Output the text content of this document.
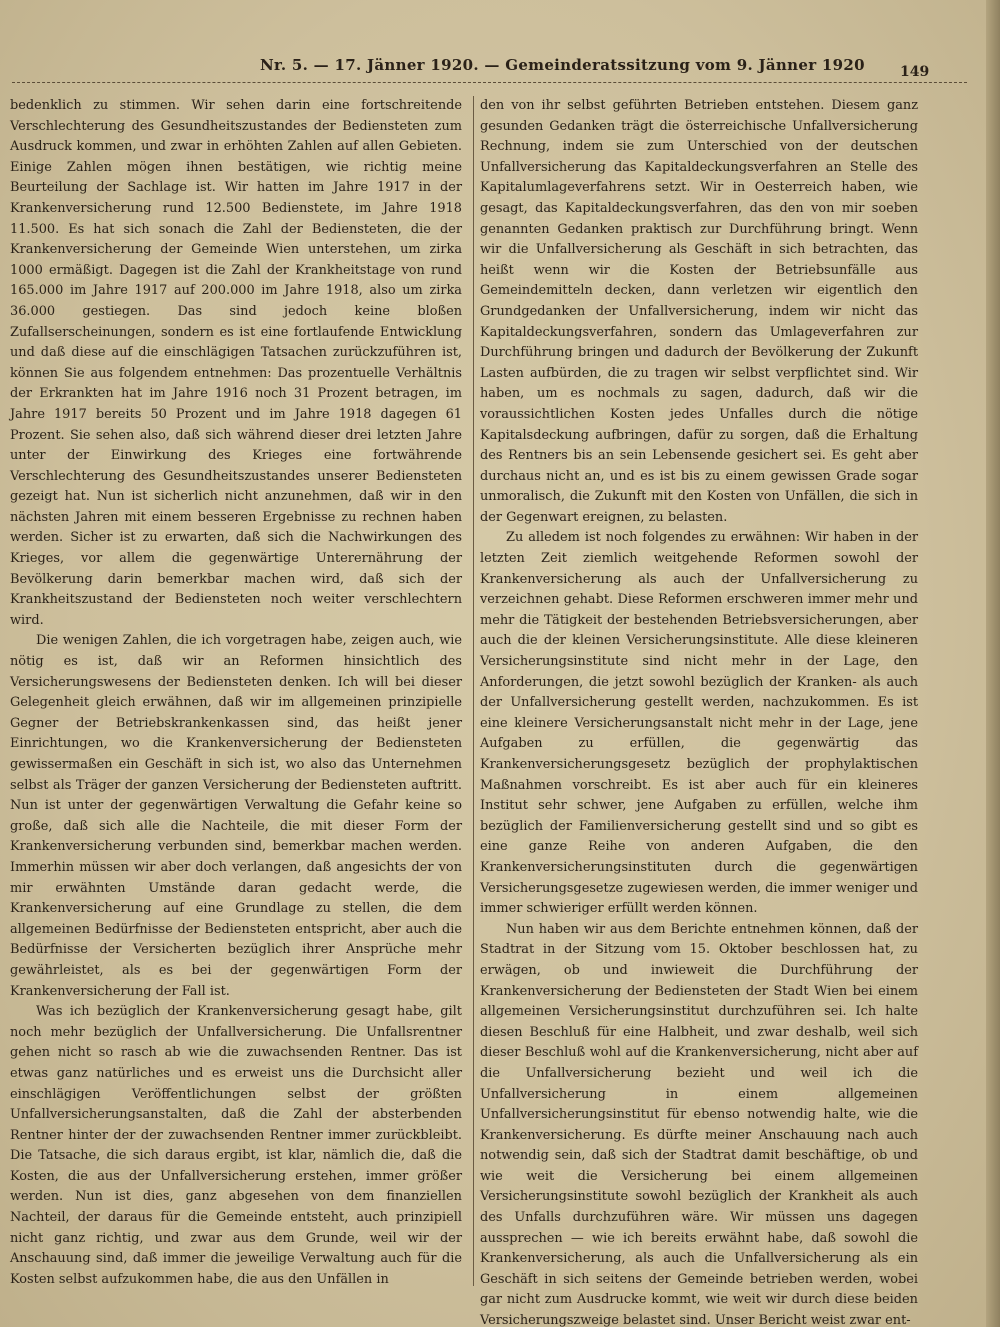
Nr. 5. — 17. Jänner 1920. — Gemeinderatssitzung vom 9. Jänner 1920	149

bedenklich zu stimmen. Wir sehen darin eine fortschreitende Verschlechterung des Gesundheitszustandes der Bediensteten zum Ausdruck kommen, und zwar in erhöhten Zahlen auf allen Gebieten. Einige Zahlen mögen ihnen bestätigen, wie richtig meine Beurteilung der Sachlage ist. Wir hatten im Jahre 1917 in der Krankenversicherung rund 12.500 Bedienstete, im Jahre 1918 11.500. Es hat sich sonach die Zahl der Bediensteten, die der Krankenversicherung der Gemeinde Wien unterstehen, um zirka 1000 ermäßigt. Dagegen ist die Zahl der Krankheitstage von rund 165.000 im Jahre 1917 auf 200.000 im Jahre 1918, also um zirka 36.000 gestiegen. Das sind jedoch keine bloßen Zufallserscheinungen, sondern es ist eine fortlaufende Entwicklung und daß diese auf die einschlägigen Tatsachen zurückzuführen ist, können Sie aus folgendem entnehmen: Das prozentuelle Verhältnis der Erkrankten hat im Jahre 1916 noch 31 Prozent betragen, im Jahre 1917 bereits 50 Prozent und im Jahre 1918 dagegen 61 Prozent. Sie sehen also, daß sich während dieser drei letzten Jahre unter der Einwirkung des Krieges eine fortwährende Verschlechterung des Gesundheitszustandes unserer Bediensteten gezeigt hat. Nun ist sicherlich nicht anzunehmen, daß wir in den nächsten Jahren mit einem besseren Ergebnisse zu rechnen haben werden. Sicher ist zu erwarten, daß sich die Nachwirkungen des Krieges, vor allem die gegenwärtige Unterernährung der Bevölkerung darin bemerkbar machen wird, daß sich der Krankheitszustand der Bediensteten noch weiter verschlechtern wird.

Die wenigen Zahlen, die ich vorgetragen habe, zeigen auch, wie nötig es ist, daß wir an Reformen hinsichtlich des Versicherungswesens der Bediensteten denken. Ich will bei dieser Gelegenheit gleich erwähnen, daß wir im allgemeinen prinzipielle Gegner der Betriebskrankenkassen sind, das heißt jener Einrichtungen, wo die Krankenversicherung der Bediensteten gewissermaßen ein Geschäft in sich ist, wo also das Unternehmen selbst als Träger der ganzen Versicherung der Bediensteten auftritt. Nun ist unter der gegenwärtigen Verwaltung die Gefahr keine so große, daß sich alle die Nachteile, die mit dieser Form der Krankenversicherung verbunden sind, bemerkbar machen werden. Immerhin müssen wir aber doch verlangen, daß angesichts der von mir erwähnten Umstände daran gedacht werde, die Krankenversicherung auf eine Grundlage zu stellen, die dem allgemeinen Bedürfnisse der Bediensteten entspricht, aber auch die Bedürfnisse der Versicherten bezüglich ihrer Ansprüche mehr gewährleistet, als es bei der gegenwärtigen Form der Krankenversicherung der Fall ist.

Was ich bezüglich der Krankenversicherung gesagt habe, gilt noch mehr bezüglich der Unfallversicherung. Die Unfallsrentner gehen nicht so rasch ab wie die zuwachsenden Rentner. Das ist etwas ganz natürliches und es erweist uns die Durchsicht aller einschlägigen Veröffentlichungen selbst der größten Unfallversicherungsanstalten, daß die Zahl der absterbenden Rentner hinter der der zuwachsenden Rentner immer zurückbleibt. Die Tatsache, die sich daraus ergibt, ist klar, nämlich die, daß die Kosten, die aus der Unfallversicherung erstehen, immer größer werden. Nun ist dies, ganz abgesehen von dem finanziellen Nachteil, der daraus für die Gemeinde entsteht, auch prinzipiell nicht ganz richtig, und zwar aus dem Grunde, weil wir der Anschauung sind, daß immer die jeweilige Verwaltung auch für die Kosten selbst aufzukommen habe, die aus den Unfällen in

den von ihr selbst geführten Betrieben entstehen. Diesem ganz gesunden Gedanken trägt die österreichische Unfallversicherung Rechnung, indem sie zum Unterschied von der deutschen Unfallversicherung das Kapitaldeckungsverfahren an Stelle des Kapitalumlageverfahrens setzt. Wir in Oesterreich haben, wie gesagt, das Kapitaldeckungsverfahren, das den von mir soeben genannten Gedanken praktisch zur Durchführung bringt. Wenn wir die Unfallversicherung als Geschäft in sich betrachten, das heißt wenn wir die Kosten der Betriebsunfälle aus Gemeindemitteln decken, dann verletzen wir eigentlich den Grundgedanken der Unfallversicherung, indem wir nicht das Kapitaldeckungsverfahren, sondern das Umlageverfahren zur Durchführung bringen und dadurch der Bevölkerung der Zukunft Lasten aufbürden, die zu tragen wir selbst verpflichtet sind. Wir haben, um es nochmals zu sagen, dadurch, daß wir die voraussichtlichen Kosten jedes Unfalles durch die nötige Kapitalsdeckung aufbringen, dafür zu sorgen, daß die Erhaltung des Rentners bis an sein Lebensende gesichert sei. Es geht aber durchaus nicht an, und es ist bis zu einem gewissen Grade sogar unmoralisch, die Zukunft mit den Kosten von Unfällen, die sich in der Gegenwart ereignen, zu belasten.

Zu alledem ist noch folgendes zu erwähnen: Wir haben in der letzten Zeit ziemlich weitgehende Reformen sowohl der Krankenversicherung als auch der Unfallversicherung zu verzeichnen gehabt. Diese Reformen erschweren immer mehr und mehr die Tätigkeit der bestehenden Betriebsversicherungen, aber auch die der kleinen Versicherungsinstitute. Alle diese kleineren Versicherungsinstitute sind nicht mehr in der Lage, den Anforderungen, die jetzt sowohl bezüglich der Kranken- als auch der Unfallversicherung gestellt werden, nachzukommen. Es ist eine kleinere Versicherungsanstalt nicht mehr in der Lage, jene Aufgaben zu erfüllen, die gegenwärtig das Krankenversicherungsgesetz bezüglich der prophylaktischen Maßnahmen vorschreibt. Es ist aber auch für ein kleineres Institut sehr schwer, jene Aufgaben zu erfüllen, welche ihm bezüglich der Familienversicherung gestellt sind und so gibt es eine ganze Reihe von anderen Aufgaben, die den Krankenversicherungsinstituten durch die gegenwärtigen Versicherungsgesetze zugewiesen werden, die immer weniger und immer schwieriger erfüllt werden können.

Nun haben wir aus dem Berichte entnehmen können, daß der Stadtrat in der Sitzung vom 15. Oktober beschlossen hat, zu erwägen, ob und inwieweit die Durchführung der Krankenversicherung der Bediensteten der Stadt Wien bei einem allgemeinen Versicherungsinstitut durchzuführen sei. Ich halte diesen Beschluß für eine Halbheit, und zwar deshalb, weil sich dieser Beschluß wohl auf die Krankenversicherung, nicht aber auf die Unfallversicherung bezieht und weil ich die Unfallversicherung in einem allgemeinen Unfallversicherungsinstitut für ebenso notwendig halte, wie die Krankenversicherung. Es dürfte meiner Anschauung nach auch notwendig sein, daß sich der Stadtrat damit beschäftige, ob und wie weit die Versicherung bei einem allgemeinen Versicherungsinstitute sowohl bezüglich der Krankheit als auch des Unfalls durchzuführen wäre. Wir müssen uns dagegen aussprechen — wie ich bereits erwähnt habe, daß sowohl die Krankenversicherung, als auch die Unfallversicherung als ein Geschäft in sich seitens der Gemeinde betrieben werden, wobei gar nicht zum Ausdrucke kommt, wie weit wir durch diese beiden Versicherungszweige belastet sind. Unser Bericht weist zwar ent-
